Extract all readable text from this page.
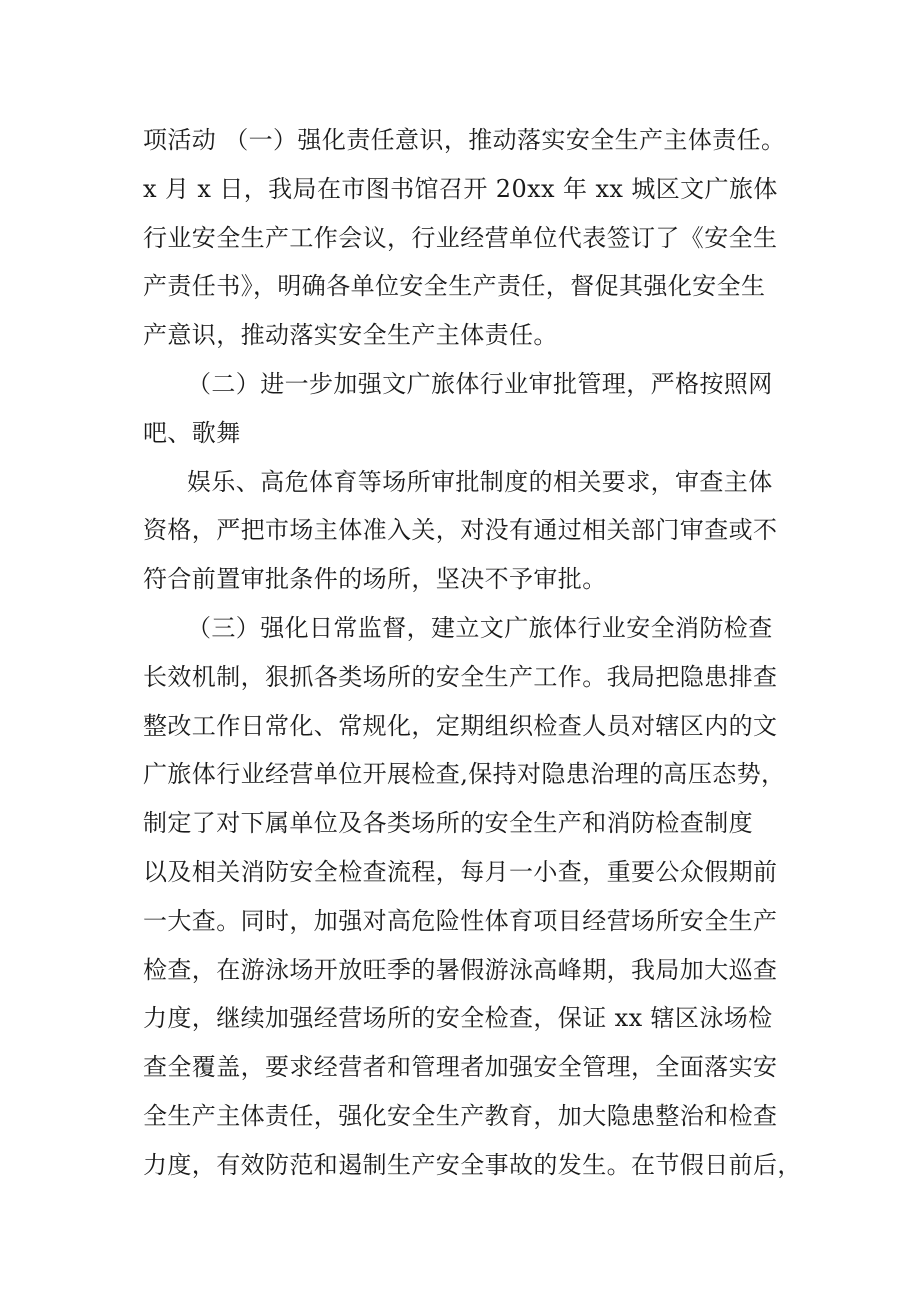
项活动 （一）强化责任意识，推动落实安全生产主体责任。
x 月 x 日，我局在市图书馆召开 20xx 年 xx 城区文广旅体
行业安全生产工作会议，行业经营单位代表签订了《安全生
产责任书》，明确各单位安全生产责任，督促其强化安全生
产意识，推动落实安全生产主体责任。
（二）进一步加强文广旅体行业审批管理，严格按照网
吧、歌舞
娱乐、高危体育等场所审批制度的相关要求，审查主体
资格，严把市场主体准入关，对没有通过相关部门审查或不
符合前置审批条件的场所，坚决不予审批。
（三）强化日常监督，建立文广旅体行业安全消防检查
长效机制，狠抓各类场所的安全生产工作。我局把隐患排查
整改工作日常化、常规化，定期组织检查人员对辖区内的文
广旅体行业经营单位开展检查,保持对隐患治理的高压态势，
制定了对下属单位及各类场所的安全生产和消防检查制度
以及相关消防安全检查流程，每月一小查，重要公众假期前
一大查。同时，加强对高危险性体育项目经营场所安全生产
检查，在游泳场开放旺季的暑假游泳高峰期，我局加大巡查
力度，继续加强经营场所的安全检查，保证 xx 辖区泳场检
查全覆盖，要求经营者和管理者加强安全管理，全面落实安
全生产主体责任，强化安全生产教育，加大隐患整治和检查
力度，有效防范和遏制生产安全事故的发生。在节假日前后，
